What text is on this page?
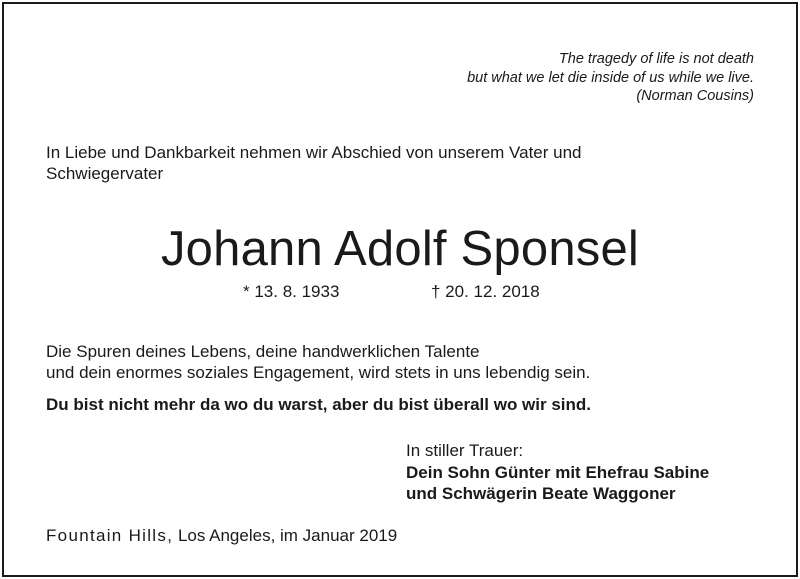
The tragedy of life is not death
but what we let die inside of us while we live.
(Norman Cousins)
In Liebe und Dankbarkeit nehmen wir Abschied von unserem Vater und
Schwiegervater
Johann Adolf Sponsel
* 13. 8. 1933	† 20. 12. 2018
Die Spuren deines Lebens, deine handwerklichen Talente
und dein enormes soziales Engagement, wird stets in uns lebendig sein.
Du bist nicht mehr da wo du warst, aber du bist überall wo wir sind.
In stiller Trauer:
Dein Sohn Günter mit Ehefrau Sabine
und Schwägerin Beate Waggoner
Fountain Hills, Los Angeles, im Januar 2019
